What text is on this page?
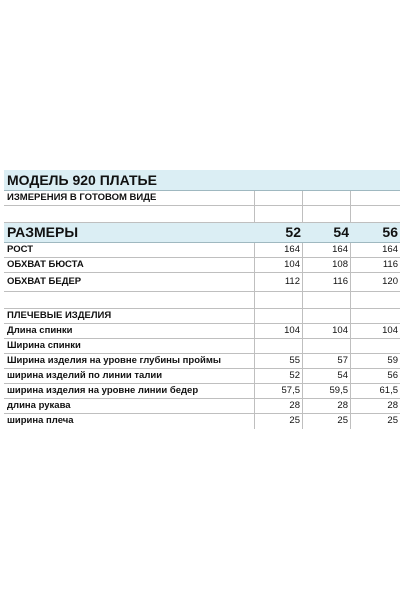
МОДЕЛЬ 920 ПЛАТЬЕ
ИЗМЕРЕНИЯ В ГОТОВОМ ВИДЕ
РАЗМЕРЫ	52	54	56
РОСТ	164	164	164
ОБХВАТ БЮСТА	104	108	116
ОБХВАТ БЕДЕР	112	116	120
ПЛЕЧЕВЫЕ ИЗДЕЛИЯ
Длина спинки	104	104	104
Ширина спинки
Ширина изделия на уровне глубины проймы	55	57	59
ширина изделий по линии талии	52	54	56
ширина изделия на уровне линии бедер	57,5	59,5	61,5
длина рукава	28	28	28
ширина плеча	25	25	25
